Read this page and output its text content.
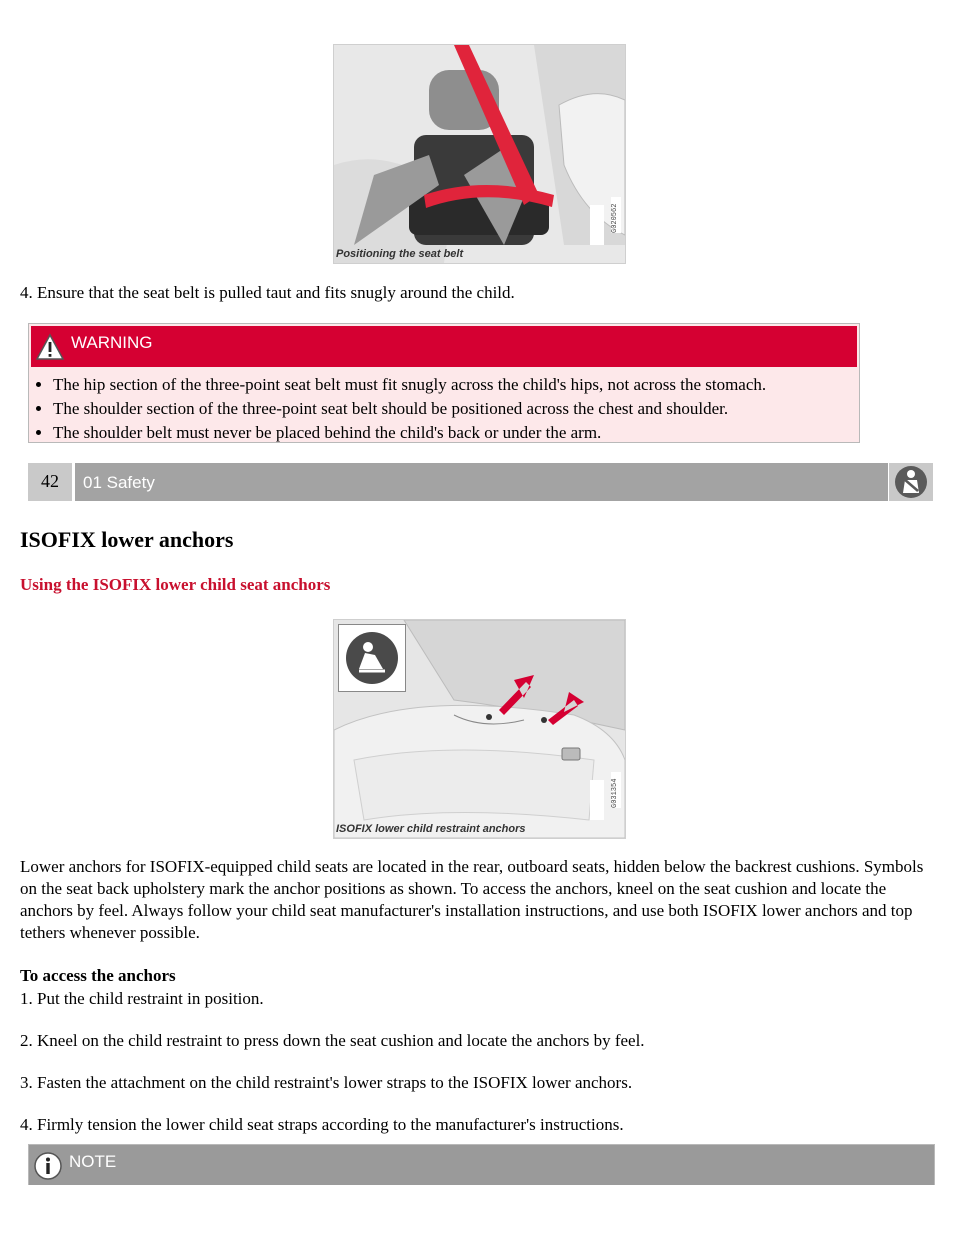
Positioning the seat belt
G020562

4. Ensure that the seat belt is pulled taut and fits snugly around the child.

WARNING
• The hip section of the three-point seat belt must fit snugly across the child's hips, not across the stomach.
• The shoulder section of the three-point seat belt should be positioned across the chest and shoulder.
• The shoulder belt must never be placed behind the child's back or under the arm.
42	01 Safety
ISOFIX lower anchors
Using the ISOFIX lower child seat anchors
ISOFIX lower child restraint anchors
G031354

Lower anchors for ISOFIX-equipped child seats are located in the rear, outboard seats, hidden below the backrest cushions. Symbols on the seat back upholstery mark the anchor positions as shown. To access the anchors, kneel on the seat cushion and locate the anchors by feel. Always follow your child seat manufacturer's installation instructions, and use both ISOFIX lower anchors and top tethers whenever possible.

To access the anchors

1. Put the child restraint in position.

2. Kneel on the child restraint to press down the seat cushion and locate the anchors by feel.

3. Fasten the attachment on the child restraint's lower straps to the ISOFIX lower anchors.

4. Firmly tension the lower child seat straps according to the manufacturer's instructions.

NOTE
